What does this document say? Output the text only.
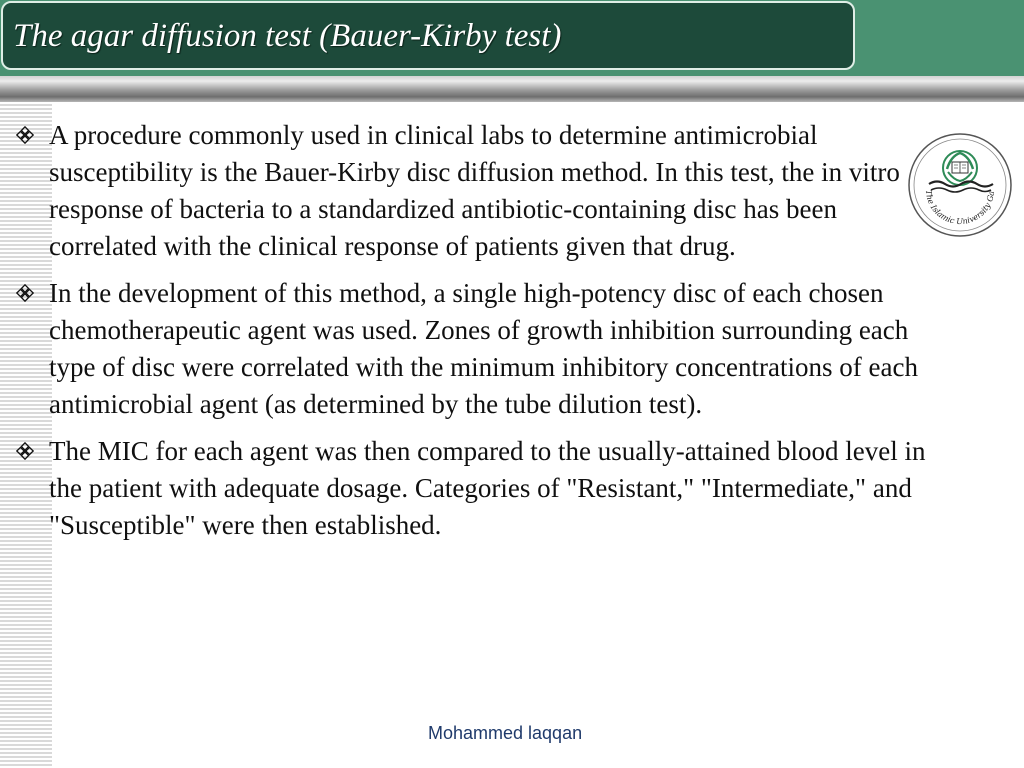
The agar diffusion test (Bauer-Kirby test)
A procedure commonly used in clinical labs to determine antimicrobial susceptibility is the Bauer-Kirby disc diffusion method. In this test, the in vitro response of bacteria to a standardized antibiotic-containing disc has been correlated with the clinical response of patients given that drug.
In the development of this method, a single high-potency disc of each chosen chemotherapeutic agent was used. Zones of growth inhibition surrounding each type of disc were correlated with the minimum inhibitory concentrations of each antimicrobial agent (as determined by the tube dilution test).
The MIC for each agent was then compared to the usually-attained blood level in the patient with adequate dosage. Categories of "Resistant," "Intermediate," and "Susceptible" were then established.
The Islamic University Ga
Mohammed laqqan
